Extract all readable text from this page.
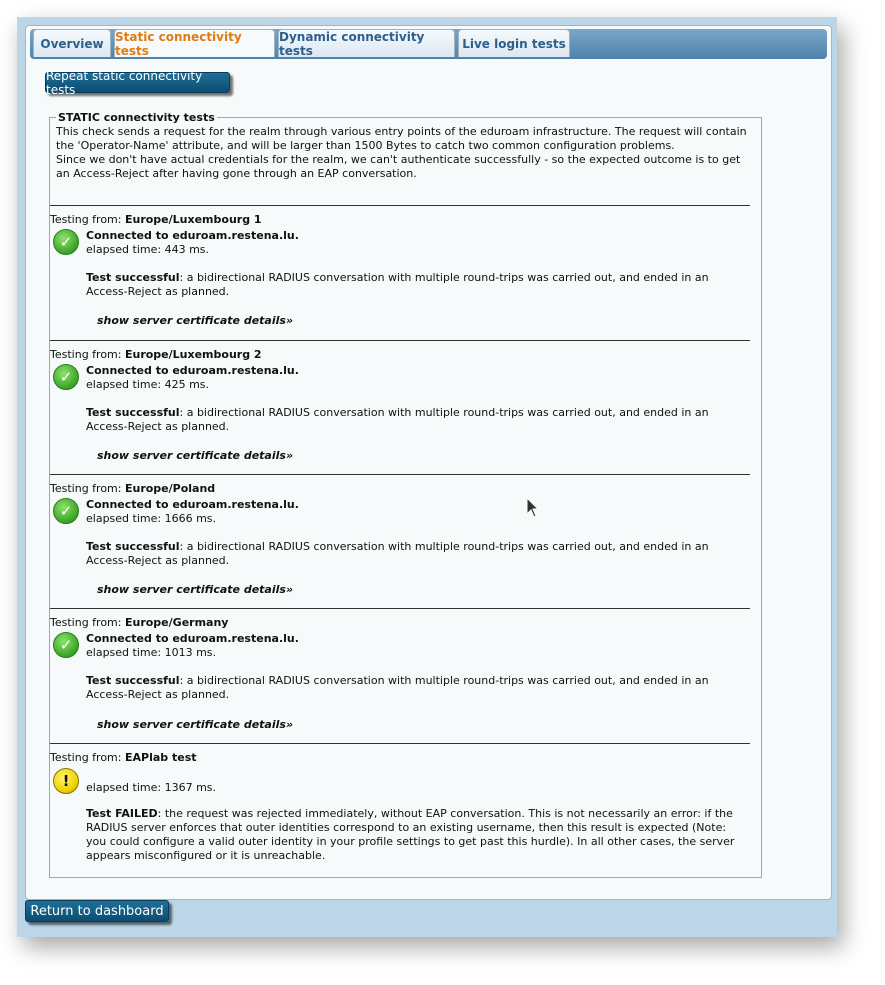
Overview Static connectivity tests
Dynamic connectivity tests	Live login tests
Repeat static connectivity tests
STATIC connectivity tests
This check sends a request for the realm through various entry points of the eduroam infrastructure. The request will contain the 'Operator-Name' attribute, and will be larger than 1500 Bytes to catch two common configuration problems.
Since we don't have actual credentials for the realm, we can't authenticate successfully - so the expected outcome is to get an Access-Reject after having gone through an EAP conversation.
Testing from: Europe/Luxembourg 1
✓	Connected to eduroam.restena.lu.
elapsed time: 443 ms.
Test successful: a bidirectional RADIUS conversation with multiple round-trips was carried out, and ended in an Access-Reject as planned.
show server certificate details»
Testing from: Europe/Luxembourg 2
✓	Connected to eduroam.restena.lu.
elapsed time: 425 ms.
Test successful: a bidirectional RADIUS conversation with multiple round-trips was carried out, and ended in an Access-Reject as planned.
show server certificate details»
Testing from: Europe/Poland
✓	Connected to eduroam.restena.lu.
elapsed time: 1666 ms.
Test successful: a bidirectional RADIUS conversation with multiple round-trips was carried out, and ended in an Access-Reject as planned.
show server certificate details»
Testing from: Europe/Germany
✓	Connected to eduroam.restena.lu.
elapsed time: 1013 ms.
Test successful: a bidirectional RADIUS conversation with multiple round-trips was carried out, and ended in an Access-Reject as planned.
show server certificate details»
Testing from: EAPlab test
!	elapsed time: 1367 ms.
Test FAILED: the request was rejected immediately, without EAP conversation. This is not necessarily an error: if the RADIUS server enforces that outer identities correspond to an existing username, then this result is expected (Note: you could configure a valid outer identity in your profile settings to get past this hurdle). In all other cases, the server appears misconfigured or it is unreachable.
Return to dashboard
